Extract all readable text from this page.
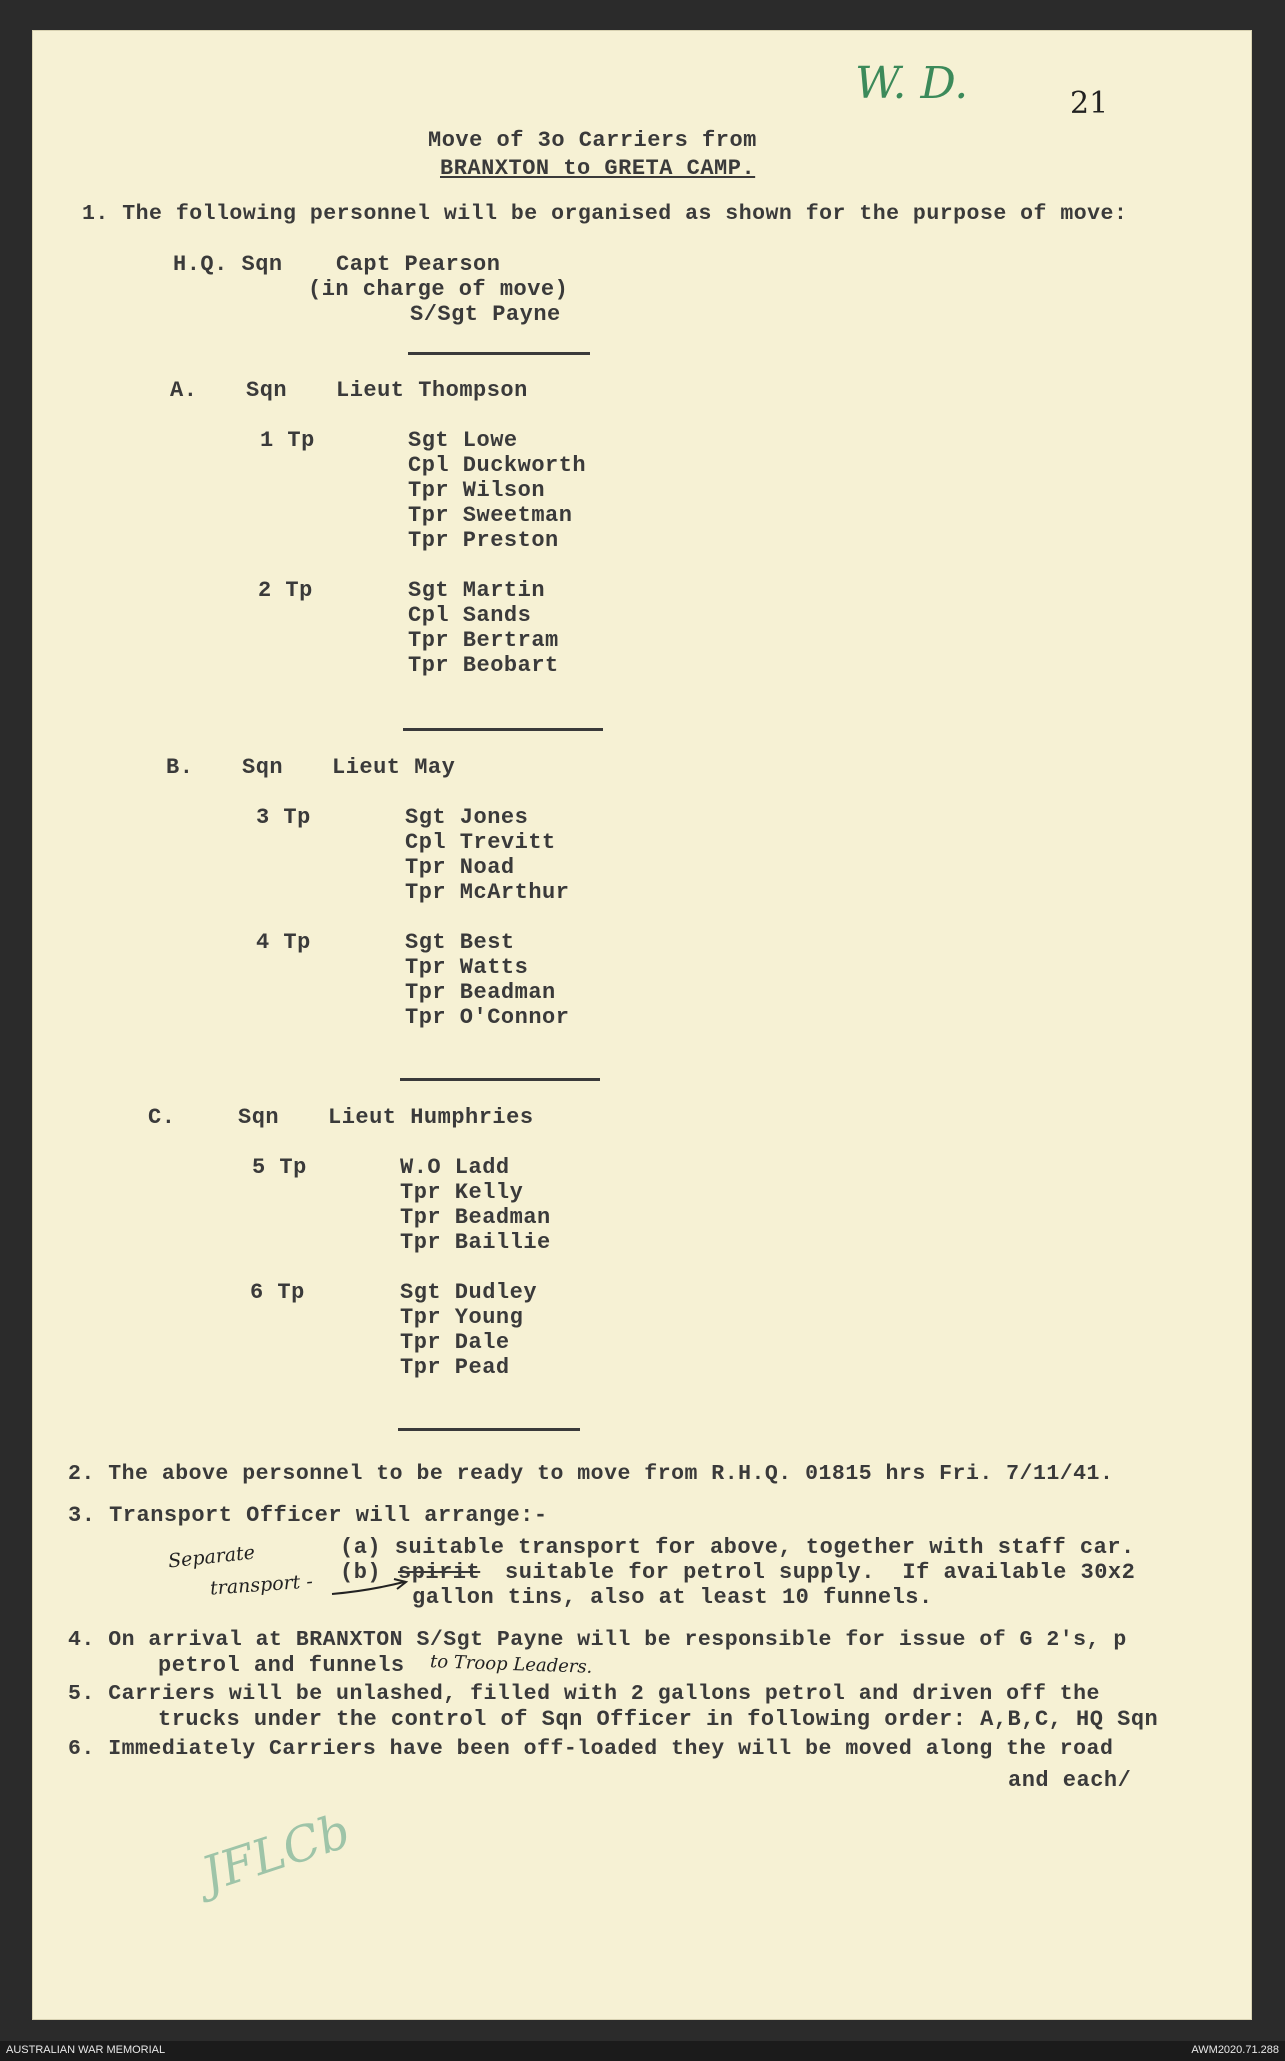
W. D.	21
Move of 3o Carriers from
BRANXTON to GRETA CAMP.
1. The following personnel will be organised as shown for the purpose of move:
H.Q. Sqn Capt Pearson
(in charge of move)
S/Sgt Payne
A. Sqn Lieut Thompson
1 Tp	Sgt Lowe
Cpl Duckworth
Tpr Wilson
Tpr Sweetman
Tpr Preston
2 Tp	Sgt Martin
Cpl Sands
Tpr Bertram
Tpr Beobart
B. Sqn Lieut May
3 Tp	Sgt Jones
Cpl Trevitt
Tpr Noad
Tpr McArthur
4 Tp	Sgt Best
Tpr Watts
Tpr Beadman
Tpr O'Connor
C.	Sqn Lieut Humphries
5 Tp	W.O Ladd
Tpr Kelly
Tpr Beadman
Tpr Baillie
6 Tp	Sgt Dudley
Tpr Young
Tpr Dale
Tpr Pead
2. The above personnel to be ready to move from R.H.Q. 01815 hrs Fri. 7/11/41.
3. Transport Officer will arrange:-
(a) suitable transport for above, together with staff car.
(b) spirit suitable for petrol supply.  If available 30x2
gallon tins, also at least 10 funnels.
Separate
transport -
4. On arrival at BRANXTON S/Sgt Payne will be responsible for issue of G 2's, p
petrol and funnels to Troop Leaders.
5. Carriers will be unlashed, filled with 2 gallons petrol and driven off the
trucks under the control of Sqn Officer in following order: A,B,C, HQ Sqn
6. Immediately Carriers have been off-loaded they will be moved along the road
and each/
JFLCb
AUSTRALIAN WAR MEMORIAL	AWM2020.71.288
